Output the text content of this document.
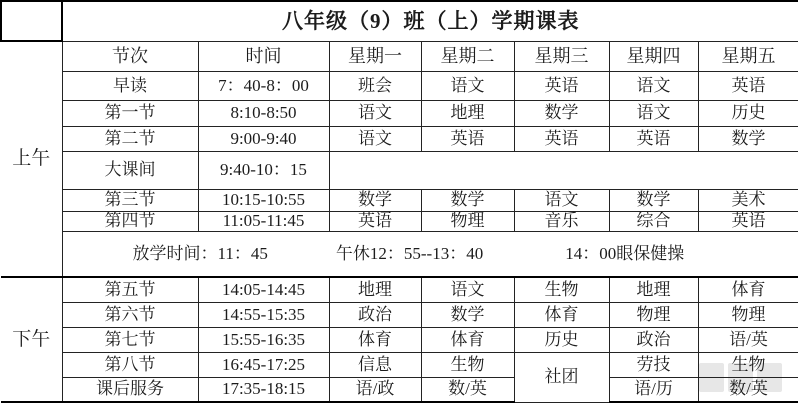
	八年级（9）班（上）学期课表						
上午	节次	时间	星期一	星期二	星期三	星期四	星期五
	早读	7：40-8：00	班会	语文	英语	语文	英语
	第一节	8:10-8:50	语文	地理	数学	语文	历史
	第二节	9:00-9:40	语文	英语	英语	英语	数学
	大课间	9:40-10：15					
	第三节	10:15-10:55	数学	数学	语文	数学	美术
	第四节	11:05-11:45	英语	物理	音乐	综合	英语

	放学时间：11：45 午休12：55--13：40 14：00眼保健操						

下午	第五节	14:05-14:45	地理	语文	生物	地理	体育
	第六节	14:55-15:35	政治	数学	体育	物理	物理
	第七节	15:55-16:35	体育	体育	历史	政治	语/英
	第八节	16:45-17:25	信息	生物	社团	劳技	生物
	课后服务	17:35-18:15	语/政	数/英		语/历	数/英
